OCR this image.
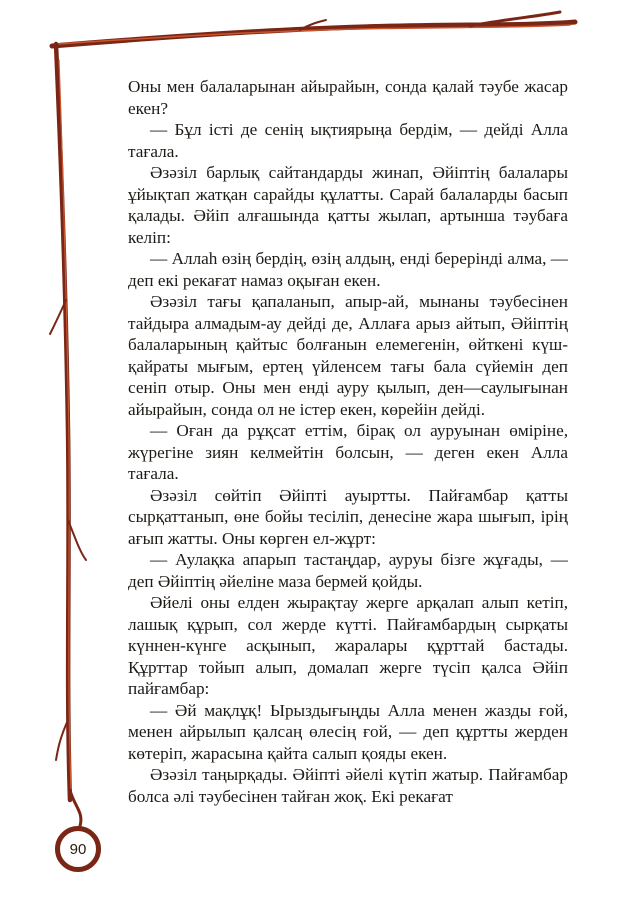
Оны мен балаларынан айырайын, сонда қалай тәубе жасар екен?

— Бұл істі де сенің ықтиярыңа бердім, — дейді Алла тағала.

Әзәзіл барлық сайтандарды жинап, Әйіптің балалары ұйықтап жатқан сарайды құлатты. Сарай балаларды басып қалады. Әйіп алғашында қатты жылап, артынша тәубаға келіп:

— Аллаһ өзің бердің, өзің алдың, енді берерінді алма, — деп екі рекағат намаз оқыған екен.

Әзәзіл тағы қапаланып, апыр-ай, мынаны тәубесінен тайдыра алмадым-ау дейді де, Аллаға арыз айтып, Әйіптің балаларының қайтыс болғанын елемегенін, өйткені күш-қайраты мығым, ертең үйленсем тағы бала сүйемін деп сеніп отыр. Оны мен енді ауру қылып, ден—саулығынан айырайын, сонда ол не істер екен, көрейін дейді.

— Оған да рұқсат еттім, бірақ ол ауруынан өміріне, жүрегіне зиян келмейтін болсын, — деген екен Алла тағала.

Әзәзіл сөйтіп Әйіпті ауыртты. Пайғамбар қатты сырқаттанып, өне бойы тесіліп, денесіне жара шығып, ірің ағып жатты. Оны көрген ел-жұрт:

— Аулақка апарып тастаңдар, ауруы бізге жұғады, — деп Әйіптің әйеліне маза бермей қойды.

Әйелі оны елден жырақтау жерге арқалап алып кетіп, лашық құрып, сол жерде күтті. Пайғамбардың сырқаты күннен-күнге асқынып, жаралары құрттай бастады. Құрттар тойып алып, домалап жерге түсіп қалса Әйіп пайғамбар:

— Әй мақлұқ! Ырыздығыңды Алла менен жазды ғой, менен айрылып қалсаң өлесің ғой, — деп құртты жерден көтеріп, жарасына қайта салып қояды екен.

Әзәзіл таңырқады. Әйіпті әйелі күтіп жатыр. Пайғамбар болса әлі тәубесінен тайған жоқ. Екі рекағат

90
